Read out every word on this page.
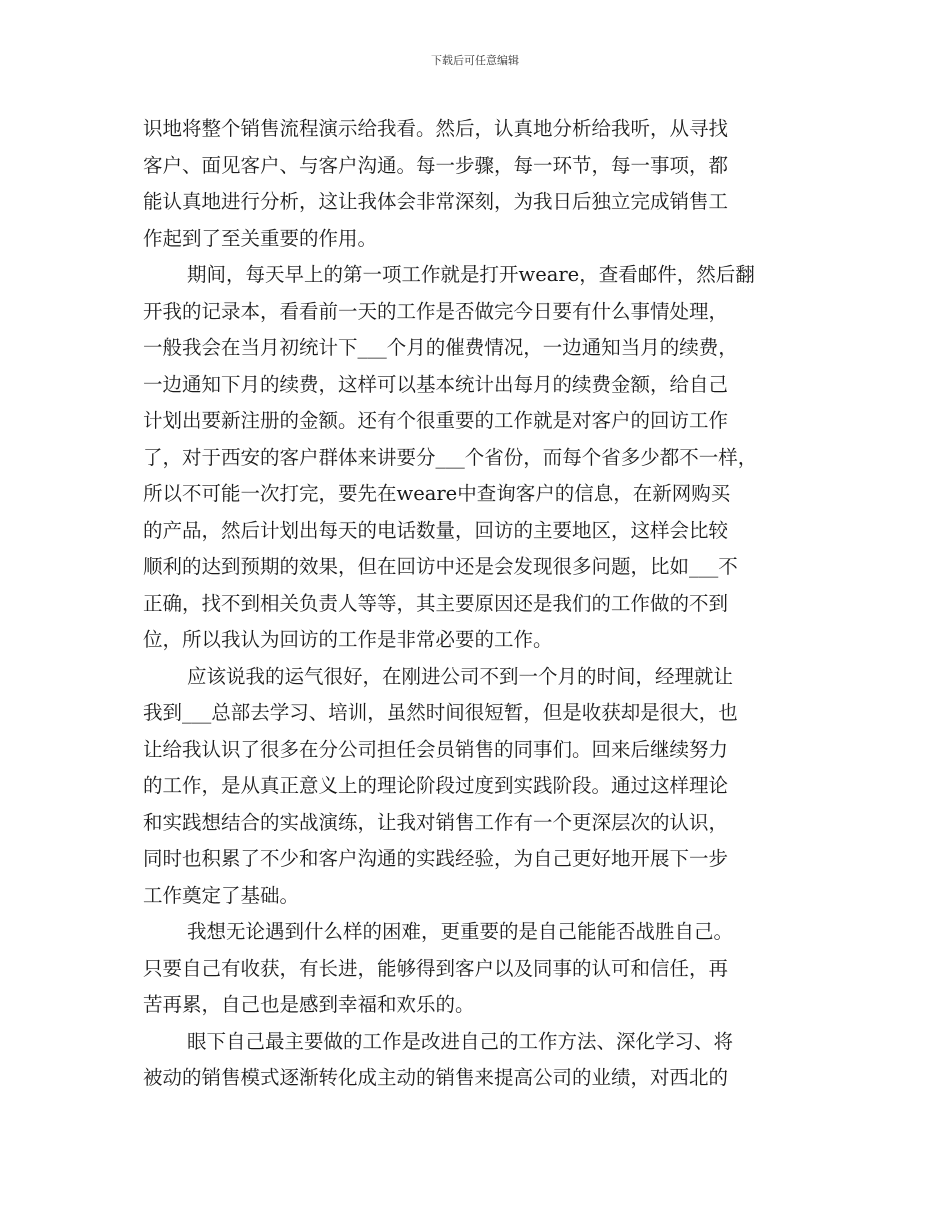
下载后可任意编辑

识地将整个销售流程演示给我看。然后，认真地分析给我听，从寻找
客户、面见客户、与客户沟通。每一步骤，每一环节，每一事项，都
能认真地进行分析，这让我体会非常深刻，为我日后独立完成销售工
作起到了至关重要的作用。

期间，每天早上的第一项工作就是打开weare，查看邮件，然后翻
开我的记录本，看看前一天的工作是否做完今日要有什么事情处理，
一般我会在当月初统计下___个月的催费情况，一边通知当月的续费，
一边通知下月的续费，这样可以基本统计出每月的续费金额，给自己
计划出要新注册的金额。还有个很重要的工作就是对客户的回访工作
了，对于西安的客户群体来讲要分___个省份，而每个省多少都不一样，
所以不可能一次打完，要先在weare中查询客户的信息，在新网购买
的产品，然后计划出每天的电话数量，回访的主要地区，这样会比较
顺利的达到预期的效果，但在回访中还是会发现很多问题，比如___不
正确，找不到相关负责人等等，其主要原因还是我们的工作做的不到
位，所以我认为回访的工作是非常必要的工作。

应该说我的运气很好，在刚进公司不到一个月的时间，经理就让
我到___总部去学习、培训，虽然时间很短暂，但是收获却是很大，也
让给我认识了很多在分公司担任会员销售的同事们。回来后继续努力
的工作，是从真正意义上的理论阶段过度到实践阶段。通过这样理论
和实践想结合的实战演练，让我对销售工作有一个更深层次的认识，
同时也积累了不少和客户沟通的实践经验，为自己更好地开展下一步
工作奠定了基础。

我想无论遇到什么样的困难，更重要的是自己能能否战胜自己。
只要自己有收获，有长进，能够得到客户以及同事的认可和信任，再
苦再累，自己也是感到幸福和欢乐的。

眼下自己最主要做的工作是改进自己的工作方法、深化学习、将
被动的销售模式逐渐转化成主动的销售来提高公司的业绩，对西北的
